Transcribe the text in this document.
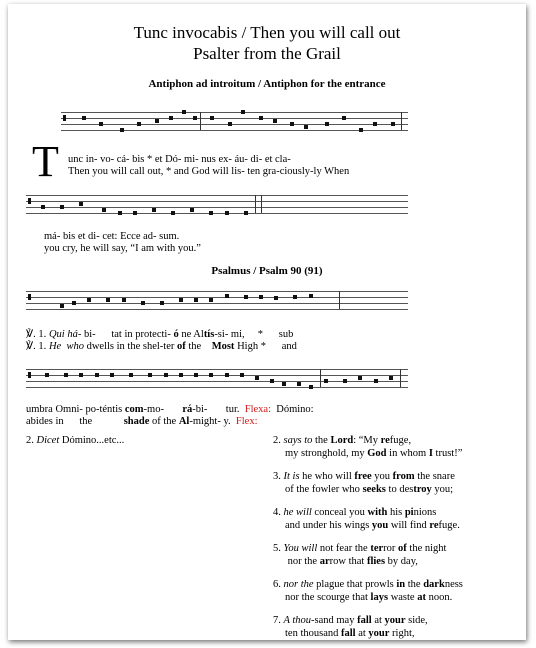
Tunc invocabis / Then you will call out
Psalter from the Grail
Antiphon ad introitum / Antiphon for the entrance
T unc in- vo- cá- bis * et Dó- mi- nus ex- áu- di- et cla-
Then you will call out, * and God will lis- ten gra-ciously-ly When
má- bis et di- cet: Ecce ad- sum.
you cry, he will say, “I am with you.”
Psalmus / Psalm 90 (91)
℣. 1. Qui há- bi-      tat in protecti- ó ne Altís-si- mi,     *      sub
℣. 1. He who dwells in the shel-ter of the    Most High *      and
umbra Omni- po-téntis com-mo-       rá-bi-       tur.  Flexa:  Dómino:
abides in      the            shade of the Al-might- y.  Flex:
2. Dicet Dómino...etc...	2. says to the Lord: “My refuge,
my stronghold, my God in whom I trust!”
3. It is he who will free you from the snare
of the fowler who seeks to destroy you;
4. he will conceal you with his pinions
and under his wings you will find refuge.
5. You will not fear the terror of the night
nor the arrow that flies by day,
6. nor the plague that prowls in the darkness
nor the scourge that lays waste at noon.
7. A thou-sand may fall at your side,
ten thousand fall at your right,
